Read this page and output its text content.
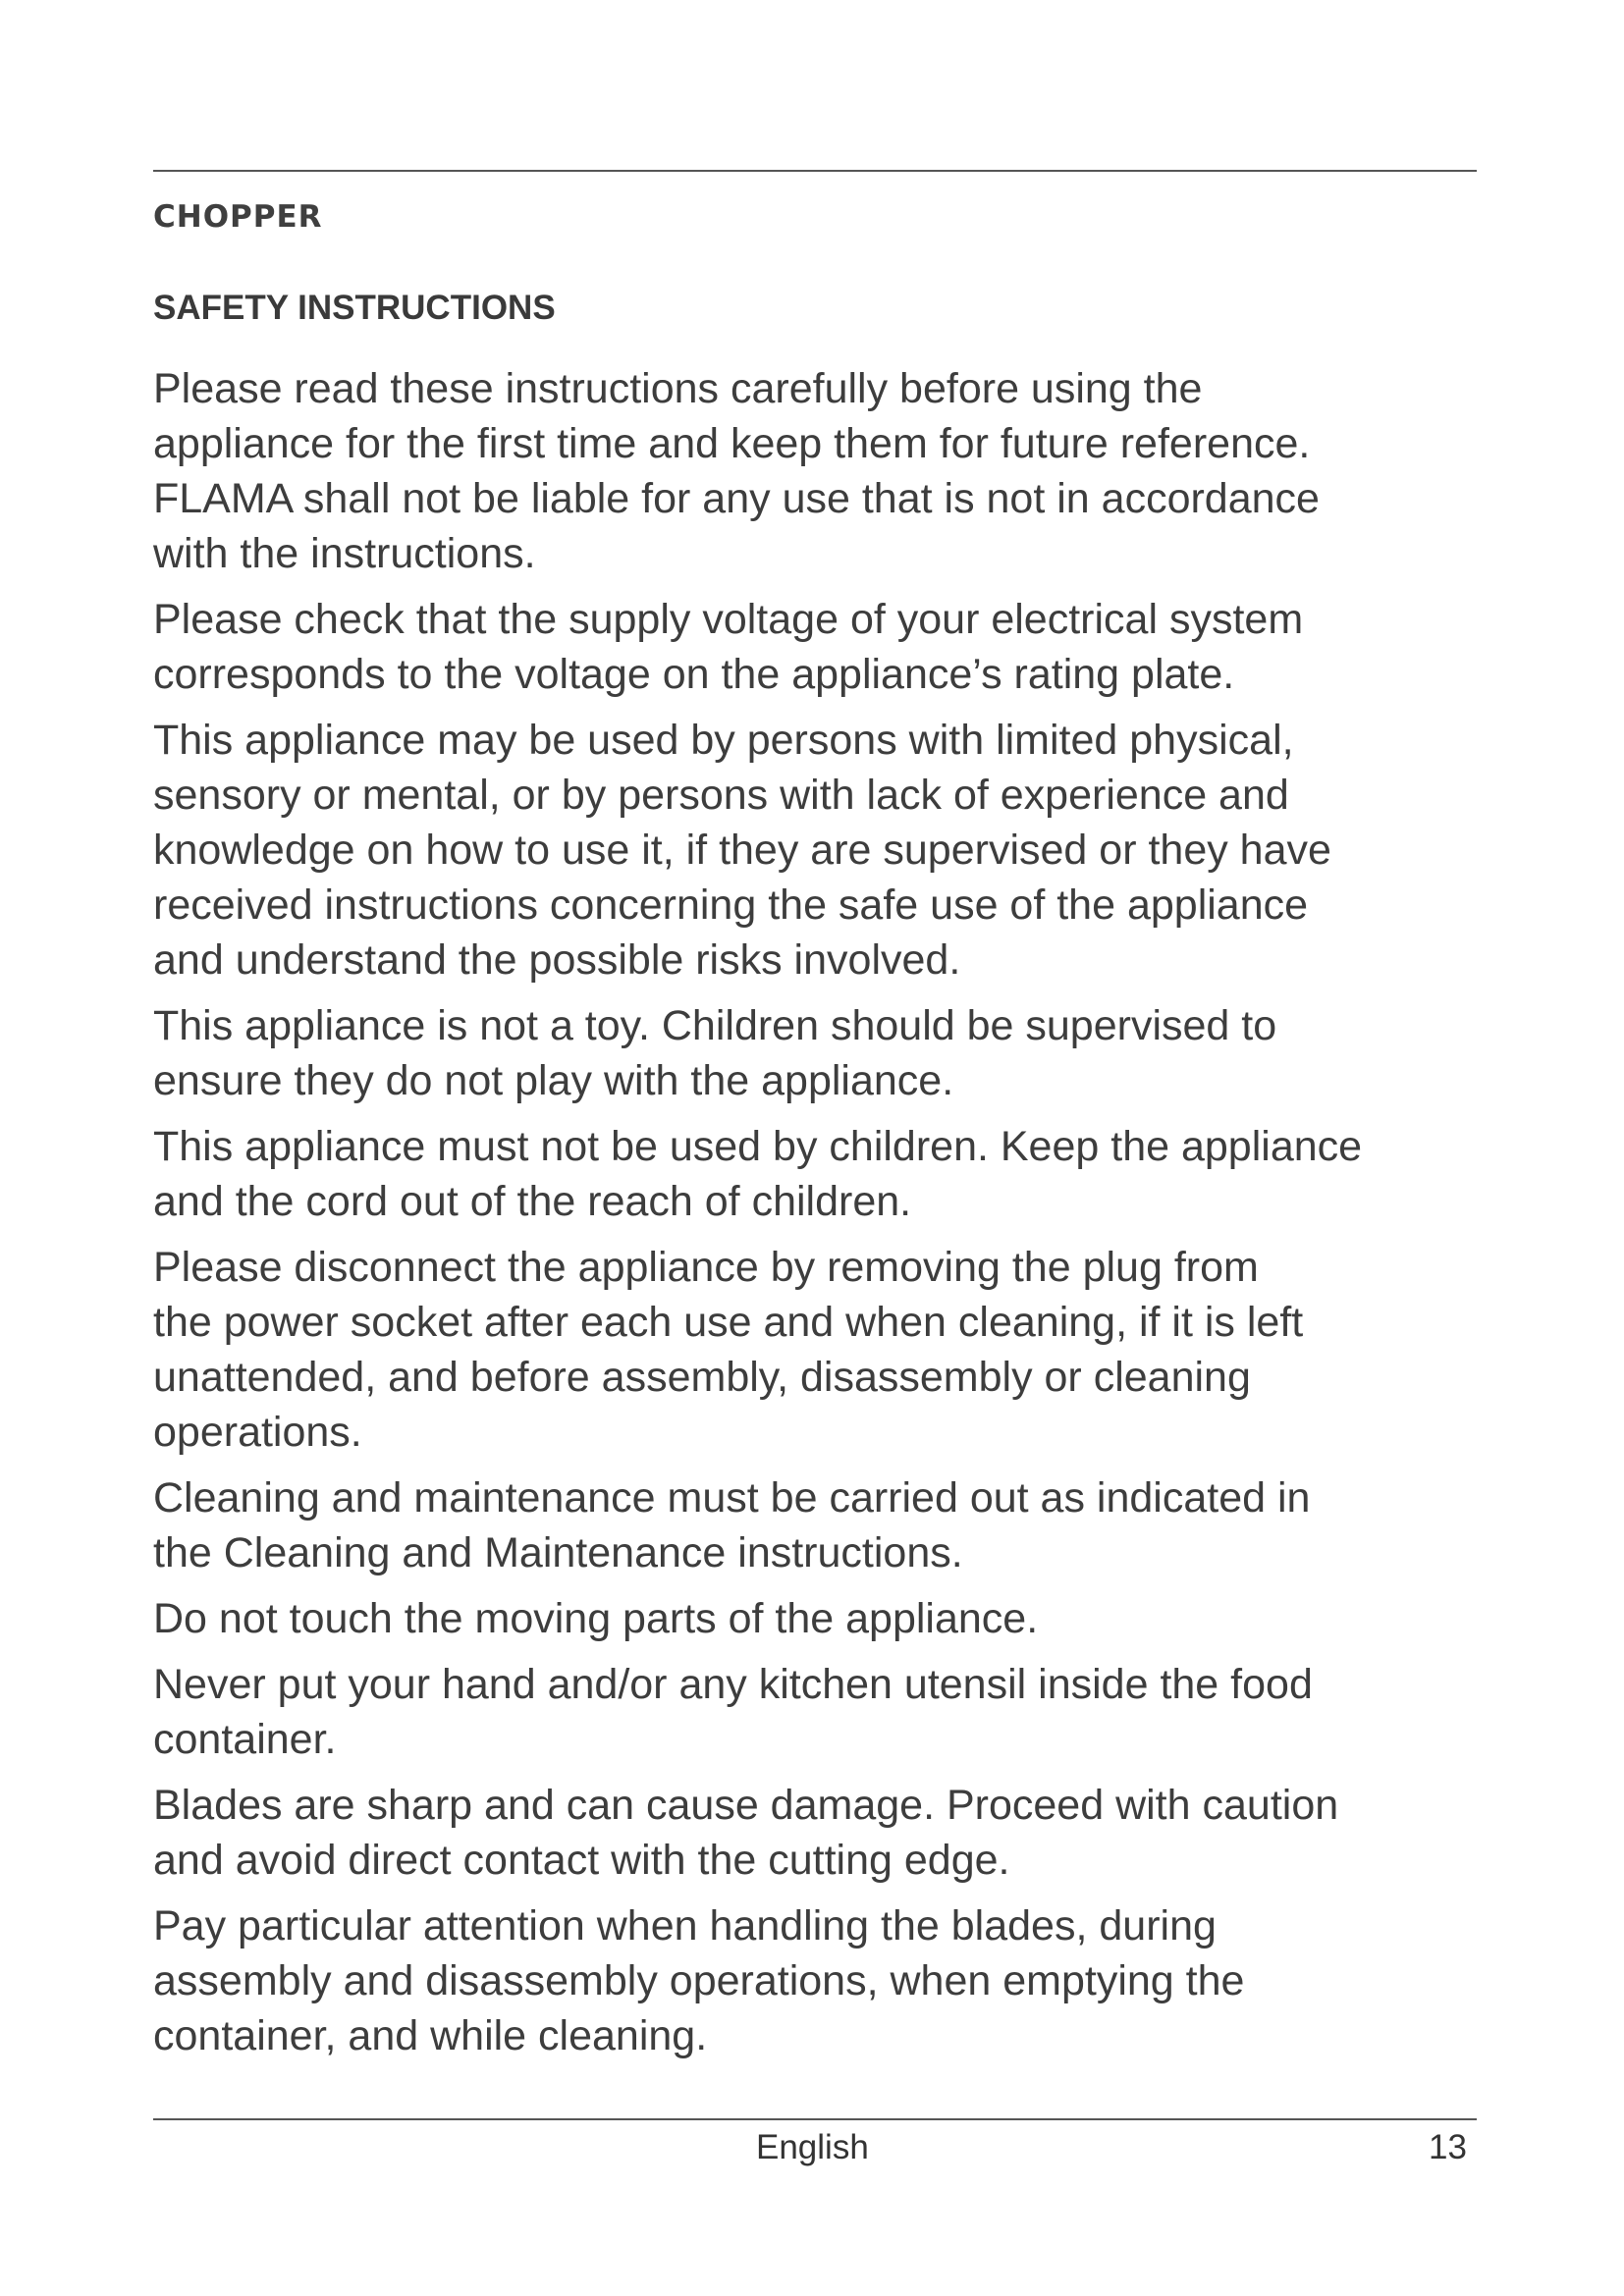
CHOPPER
SAFETY INSTRUCTIONS

Please read these instructions carefully before using the
appliance for the first time and keep them for future reference.
FLAMA shall not be liable for any use that is not in accordance
with the instructions.

Please check that the supply voltage of your electrical system
corresponds to the voltage on the appliance’s rating plate.

This appliance may be used by persons with limited physical,
sensory or mental, or by persons with lack of experience and
knowledge on how to use it, if they are supervised or they have
received instructions concerning the safe use of the appliance
and understand the possible risks involved.

This appliance is not a toy. Children should be supervised to
ensure they do not play with the appliance.

This appliance must not be used by children. Keep the appliance
and the cord out of the reach of children.

Please disconnect the appliance by removing the plug from
the power socket after each use and when cleaning, if it is left
unattended, and before assembly, disassembly or cleaning
operations.

Cleaning and maintenance must be carried out as indicated in
the Cleaning and Maintenance instructions.

Do not touch the moving parts of the appliance.

Never put your hand and/or any kitchen utensil inside the food
container.

Blades are sharp and can cause damage. Proceed with caution
and avoid direct contact with the cutting edge.

Pay particular attention when handling the blades, during
assembly and disassembly operations, when emptying the
container, and while cleaning.

English	13
